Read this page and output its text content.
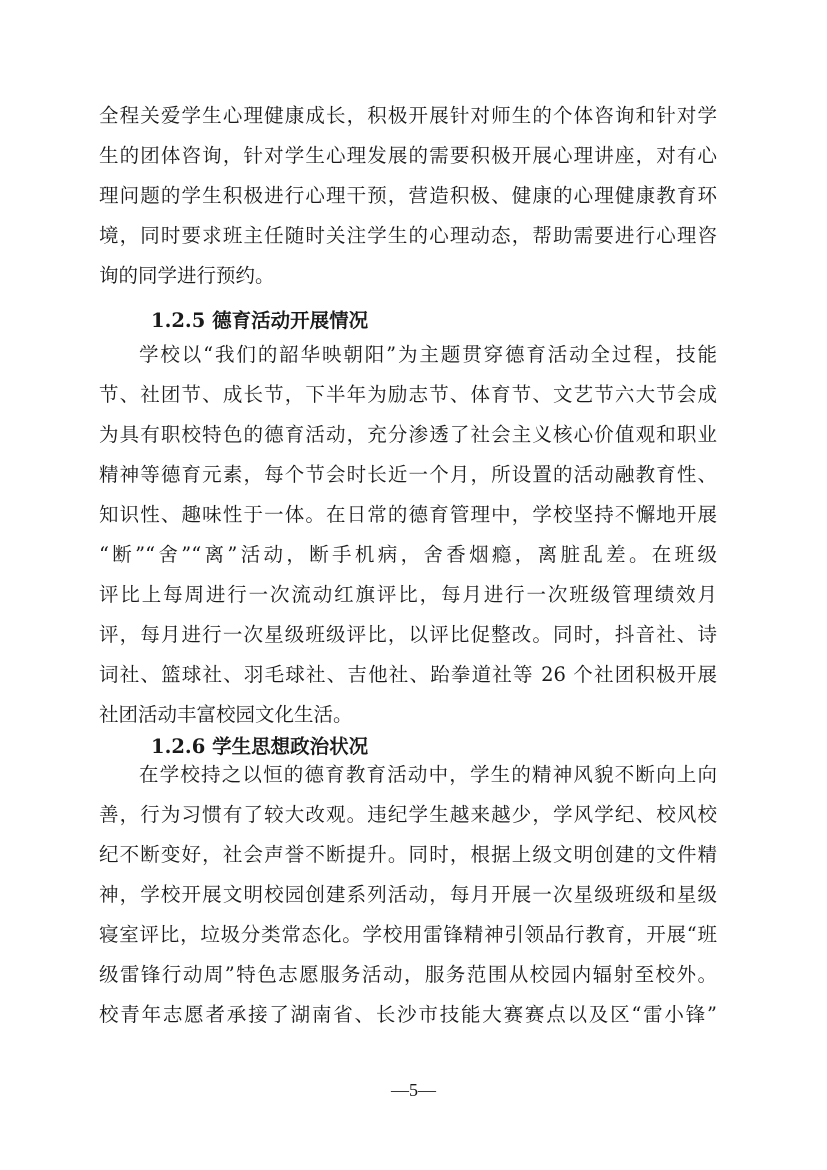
全程关爱学生心理健康成长，积极开展针对师生的个体咨询和针对学
生的团体咨询，针对学生心理发展的需要积极开展心理讲座，对有心
理问题的学生积极进行心理干预，营造积极、健康的心理健康教育环
境，同时要求班主任随时关注学生的心理动态，帮助需要进行心理咨
询的同学进行预约。
1.2.5 德育活动开展情况
学校以“我们的韶华映朝阳”为主题贯穿德育活动全过程，技能
节、社团节、成长节，下半年为励志节、体育节、文艺节六大节会成
为具有职校特色的德育活动，充分渗透了社会主义核心价值观和职业
精神等德育元素，每个节会时长近一个月，所设置的活动融教育性、
知识性、趣味性于一体。在日常的德育管理中，学校坚持不懈地开展
“断”“舍”“离”活动，断手机病，舍香烟瘾，离脏乱差。在班级
评比上每周进行一次流动红旗评比，每月进行一次班级管理绩效月
评，每月进行一次星级班级评比，以评比促整改。同时，抖音社、诗
词社、篮球社、羽毛球社、吉他社、跆拳道社等 26 个社团积极开展
社团活动丰富校园文化生活。
1.2.6 学生思想政治状况
在学校持之以恒的德育教育活动中，学生的精神风貌不断向上向
善，行为习惯有了较大改观。违纪学生越来越少，学风学纪、校风校
纪不断变好，社会声誉不断提升。同时，根据上级文明创建的文件精
神，学校开展文明校园创建系列活动，每月开展一次星级班级和星级
寝室评比，垃圾分类常态化。学校用雷锋精神引领品行教育，开展“班
级雷锋行动周”特色志愿服务活动，服务范围从校园内辐射至校外。
校青年志愿者承接了湖南省、长沙市技能大赛赛点以及区“雷小锋”
—5—
